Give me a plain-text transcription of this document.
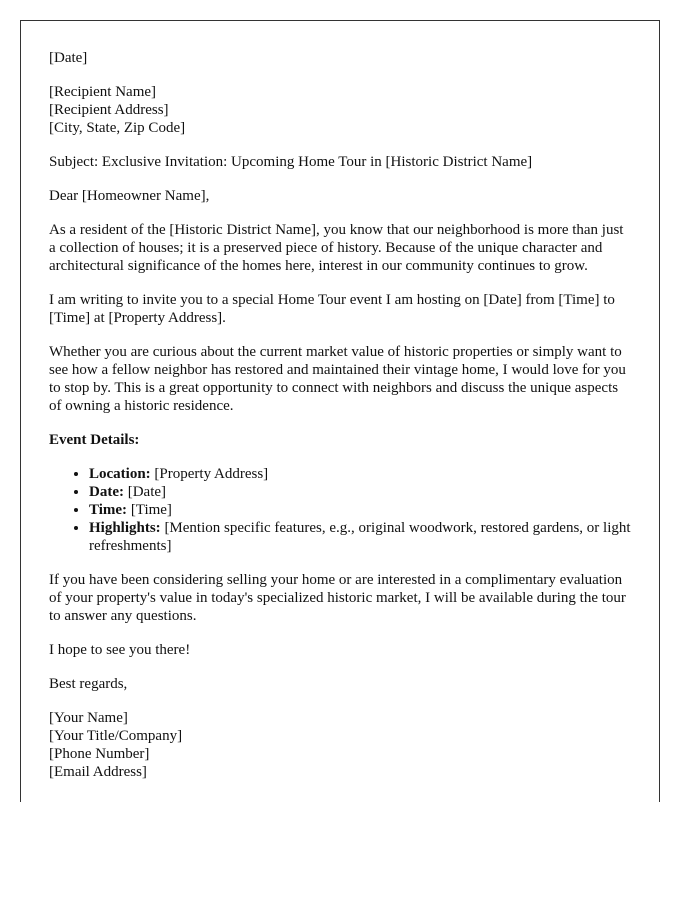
[Date]

[Recipient Name]
[Recipient Address]
[City, State, Zip Code]

Subject: Exclusive Invitation: Upcoming Home Tour in [Historic District Name]

Dear [Homeowner Name],

As a resident of the [Historic District Name], you know that our neighborhood is more than just a collection of houses; it is a preserved piece of history. Because of the unique character and architectural significance of the homes here, interest in our community continues to grow.

I am writing to invite you to a special Home Tour event I am hosting on [Date] from [Time] to [Time] at [Property Address].

Whether you are curious about the current market value of historic properties or simply want to see how a fellow neighbor has restored and maintained their vintage home, I would love for you to stop by. This is a great opportunity to connect with neighbors and discuss the unique aspects of owning a historic residence.

Event Details:

• Location: [Property Address]
• Date: [Date]
• Time: [Time]
• Highlights: [Mention specific features, e.g., original woodwork, restored gardens, or light refreshments]

If you have been considering selling your home or are interested in a complimentary evaluation of your property's value in today's specialized historic market, I will be available during the tour to answer any questions.

I hope to see you there!

Best regards,

[Your Name]
[Your Title/Company]
[Phone Number]
[Email Address]
